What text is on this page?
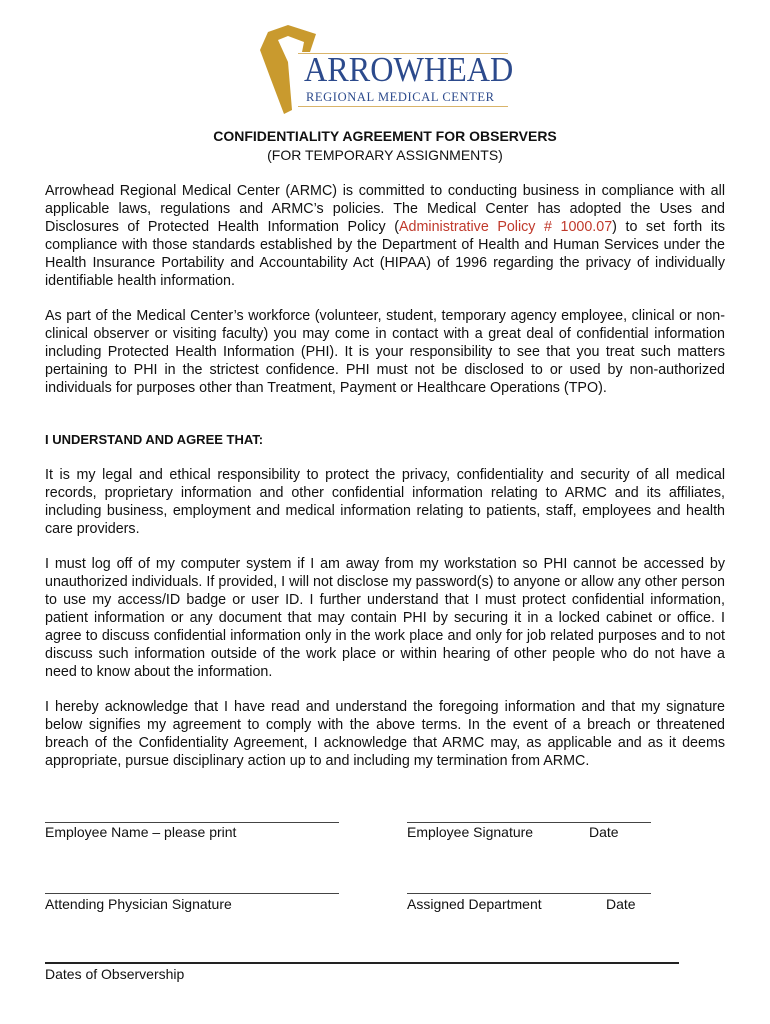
ARROWHEAD
REGIONAL MEDICAL CENTER
CONFIDENTIALITY AGREEMENT FOR OBSERVERS
(FOR TEMPORARY ASSIGNMENTS)

Arrowhead Regional Medical Center (ARMC) is committed to conducting business in compliance with all applicable laws, regulations and ARMC’s policies. The Medical Center has adopted the Uses and Disclosures of Protected Health Information Policy (Administrative Policy # 1000.07) to set forth its compliance with those standards established by the Department of Health and Human Services under the Health Insurance Portability and Accountability Act (HIPAA) of 1996 regarding the privacy of individually identifiable health information.

As part of the Medical Center’s workforce (volunteer, student, temporary agency employee, clinical or non-clinical observer or visiting faculty) you may come in contact with a great deal of confidential information including Protected Health Information (PHI). It is your responsibility to see that you treat such matters pertaining to PHI in the strictest confidence. PHI must not be disclosed to or used by non-authorized individuals for purposes other than Treatment, Payment or Healthcare Operations (TPO).

I UNDERSTAND AND AGREE THAT:

It is my legal and ethical responsibility to protect the privacy, confidentiality and security of all medical records, proprietary information and other confidential information relating to ARMC and its affiliates, including business, employment and medical information relating to patients, staff, employees and health care providers.

I must log off of my computer system if I am away from my workstation so PHI cannot be accessed by unauthorized individuals. If provided, I will not disclose my password(s) to anyone or allow any other person to use my access/ID badge or user ID. I further understand that I must protect confidential information, patient information or any document that may contain PHI by securing it in a locked cabinet or office. I agree to discuss confidential information only in the work place and only for job related purposes and to not discuss such information outside of the work place or within hearing of other people who do not have a need to know about the information.

I hereby acknowledge that I have read and understand the foregoing information and that my signature below signifies my agreement to comply with the above terms. In the event of a breach or threatened breach of the Confidentiality Agreement, I acknowledge that ARMC may, as applicable and as it deems appropriate, pursue disciplinary action up to and including my termination from ARMC.

Employee Name – please print	Employee Signature	Date
Attending Physician Signature	Assigned Department	Date
Dates of Observership
